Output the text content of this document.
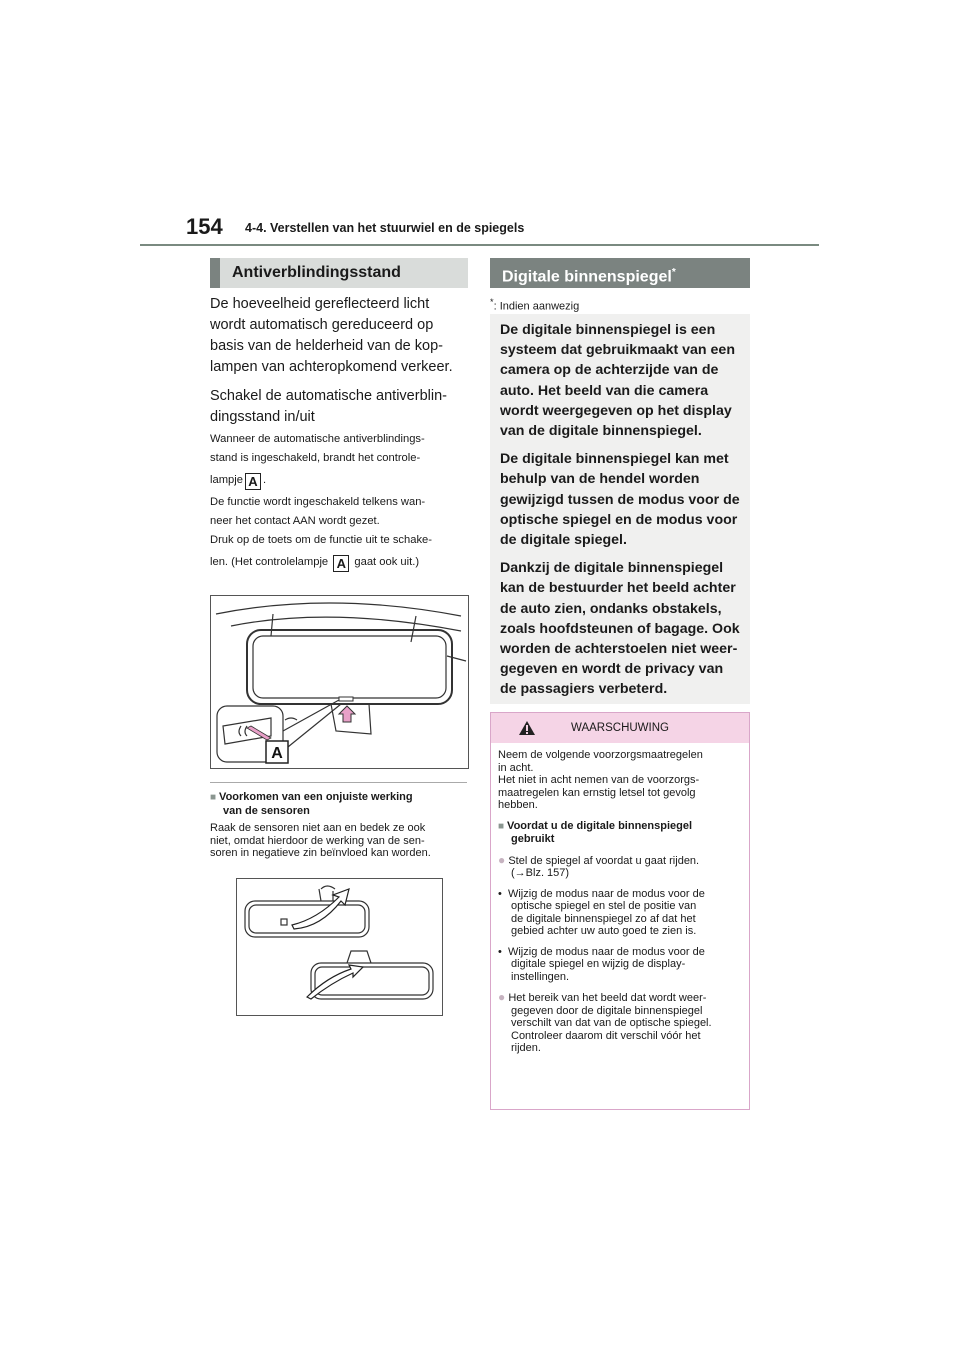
154 4-4. Verstellen van het stuurwiel en de spiegels
Antiverblindingsstand
De hoeveelheid gereflecteerd licht
wordt automatisch gereduceerd op
basis van de helderheid van de kop-
lampen van achteropkomend verkeer.
Schakel de automatische antiverblin-
dingsstand in/uit
Wanneer de automatische antiverblindings-
stand is ingeschakeld, brandt het controle-
lampje A .
De functie wordt ingeschakeld telkens wan-
neer het contact AAN wordt gezet.
Druk op de toets om de functie uit te schake-
len. (Het controlelampje A gaat ook uit.)
A
■ Voorkomen van een onjuiste werking
van de sensoren
Raak de sensoren niet aan en bedek ze ook
niet, omdat hierdoor de werking van de sen-
soren in negatieve zin beïnvloed kan worden.
Digitale binnenspiegel*
*: Indien aanwezig

De digitale binnenspiegel is een systeem dat gebruikmaakt van een camera op de achterzijde van de auto. Het beeld van die camera wordt weergegeven op het display van de digitale binnenspiegel.

De digitale binnenspiegel kan met behulp van de hendel worden gewijzigd tussen de modus voor de optische spiegel en de modus voor de digitale spiegel.

Dankzij de digitale binnenspiegel kan de bestuurder het beeld achter de auto zien, ondanks obstakels, zoals hoofdsteunen of bagage. Ook worden de achterstoelen niet weer-gegeven en wordt de privacy van de passagiers verbeterd.

WAARSCHUWING
Neem de volgende voorzorgsmaatregelen
in acht.
Het niet in acht nemen van de voorzorgs-
maatregelen kan ernstig letsel tot gevolg
hebben.
■ Voordat u de digitale binnenspiegel
gebruikt
● Stel de spiegel af voordat u gaat rijden.
(→Blz. 157)
• Wijzig de modus naar de modus voor de
optische spiegel en stel de positie van
de digitale binnenspiegel zo af dat het
gebied achter uw auto goed te zien is.
• Wijzig de modus naar de modus voor de
digitale spiegel en wijzig de display-
instellingen.
● Het bereik van het beeld dat wordt weer-
gegeven door de digitale binnenspiegel
verschilt van dat van de optische spiegel.
Controleer daarom dit verschil vóór het
rijden.
